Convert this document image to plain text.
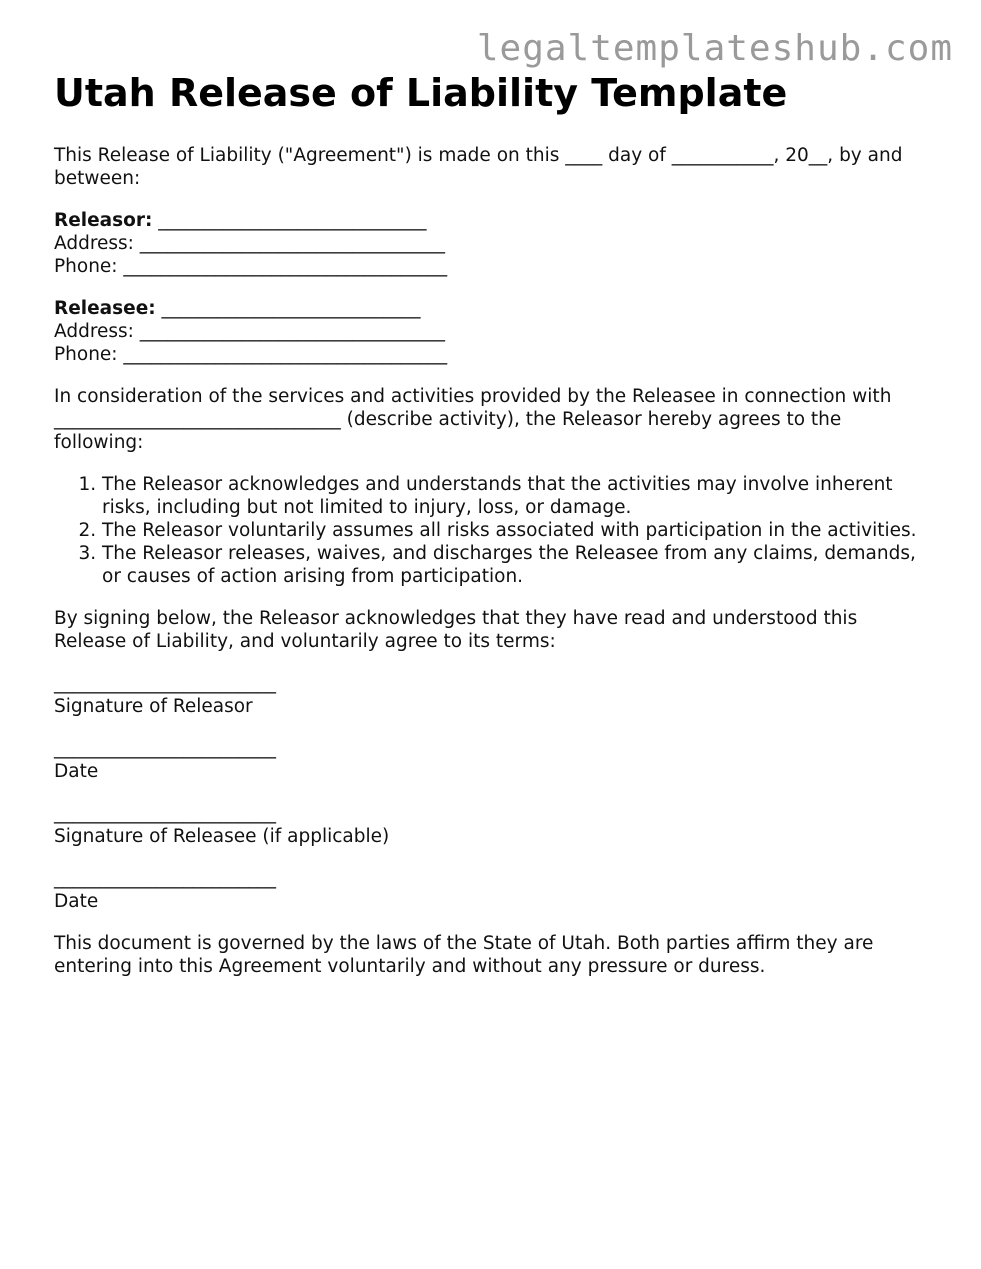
legaltemplateshub.com
Utah Release of Liability Template

This Release of Liability ("Agreement") is made on this ____ day of ___________, 20__, by and between:

Releasor: _____________________________
Address: _________________________________
Phone: ___________________________________
Releasee: ____________________________
Address: _________________________________
Phone: ___________________________________

In consideration of the services and activities provided by the Releasee in connection with _______________________________ (describe activity), the Releasor hereby agrees to the following:

1. The Releasor acknowledges and understands that the activities may involve inherent risks, including but not limited to injury, loss, or damage.
2. The Releasor voluntarily assumes all risks associated with participation in the activities.
3. The Releasor releases, waives, and discharges the Releasee from any claims, demands, or causes of action arising from participation.

By signing below, the Releasor acknowledges that they have read and understood this Release of Liability, and voluntarily agree to its terms:

________________________
Signature of Releasor
________________________
Date
________________________
Signature of Releasee (if applicable)
________________________
Date

This document is governed by the laws of the State of Utah. Both parties affirm they are entering into this Agreement voluntarily and without any pressure or duress.
